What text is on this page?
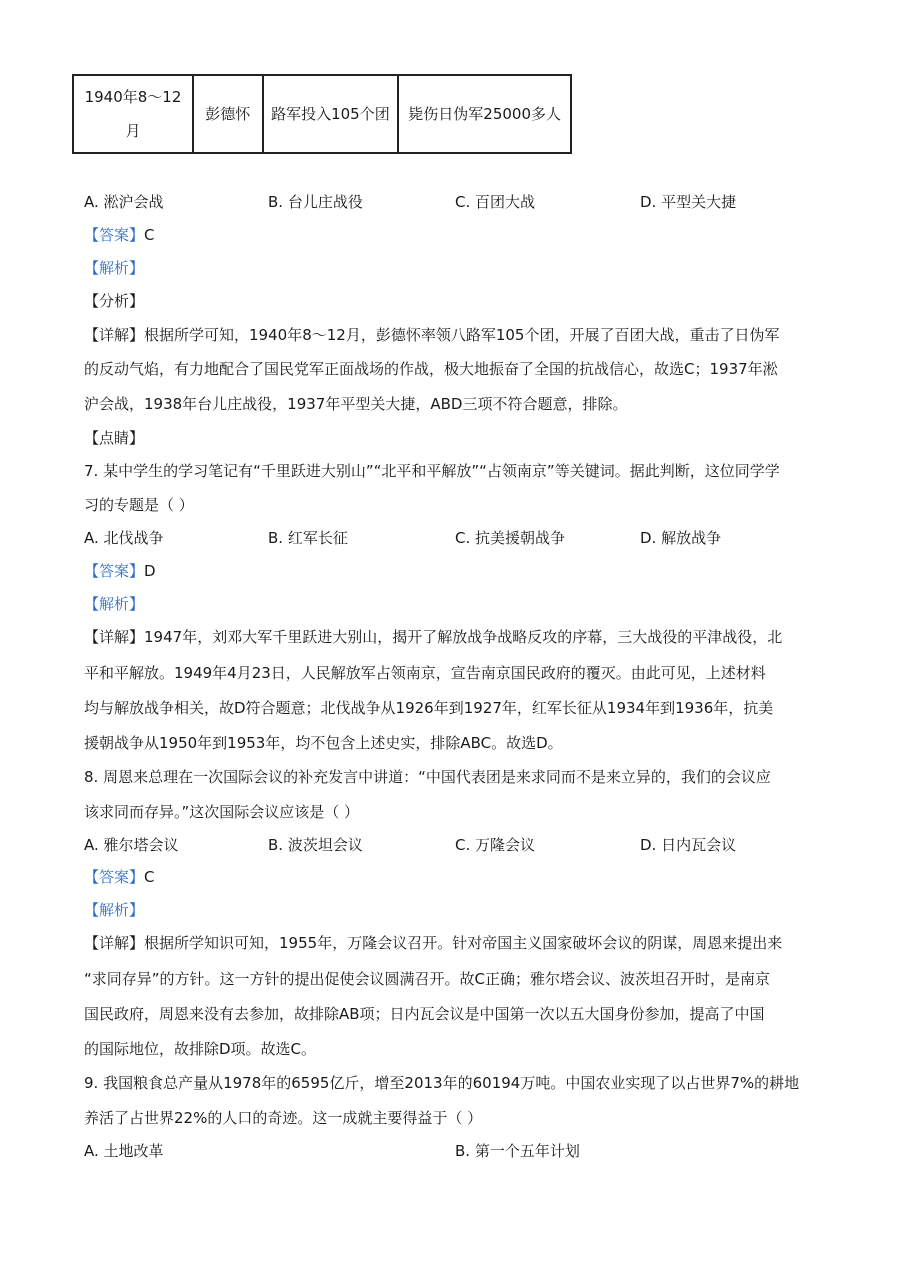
1940年8～12月	彭德怀	路军投入105个团	毙伤日伪军25000多人
A. 淞沪会战	B. 台儿庄战役	C. 百团大战	D. 平型关大捷
【答案】C
【解析】
【分析】
【详解】根据所学可知，1940年8～12月，彭德怀率领八路军105个团，开展了百团大战，重击了日伪军
的反动气焰，有力地配合了国民党军正面战场的作战，极大地振奋了全国的抗战信心，故选C；1937年淞
沪会战，1938年台儿庄战役，1937年平型关大捷，ABD三项不符合题意，排除。
【点睛】
7. 某中学生的学习笔记有“千里跃进大别山”“北平和平解放”“占领南京”等关键词。据此判断，这位同学学
习的专题是（ ）
A. 北伐战争	B. 红军长征	C. 抗美援朝战争	D. 解放战争
【答案】D
【解析】
【详解】1947年，刘邓大军千里跃进大别山，揭开了解放战争战略反攻的序幕，三大战役的平津战役，北
平和平解放。1949年4月23日，人民解放军占领南京，宣告南京国民政府的覆灭。由此可见，上述材料
均与解放战争相关，故D符合题意；北伐战争从1926年到1927年，红军长征从1934年到1936年，抗美
援朝战争从1950年到1953年，均不包含上述史实，排除ABC。故选D。
8. 周恩来总理在一次国际会议的补充发言中讲道：“中国代表团是来求同而不是来立异的，我们的会议应
该求同而存异。”这次国际会议应该是（ ）
A. 雅尔塔会议	B. 波茨坦会议	C. 万隆会议	D. 日内瓦会议
【答案】C
【解析】
【详解】根据所学知识可知，1955年，万隆会议召开。针对帝国主义国家破坏会议的阴谋，周恩来提出来
“求同存异”的方针。这一方针的提出促使会议圆满召开。故C正确；雅尔塔会议、波茨坦召开时，是南京
国民政府，周恩来没有去参加，故排除AB项；日内瓦会议是中国第一次以五大国身份参加，提高了中国
的国际地位，故排除D项。故选C。
9. 我国粮食总产量从1978年的6595亿斤，增至2013年的60194万吨。中国农业实现了以占世界7%的耕地
养活了占世界22%的人口的奇迹。这一成就主要得益于（ ）
A. 土地改革	B. 第一个五年计划
